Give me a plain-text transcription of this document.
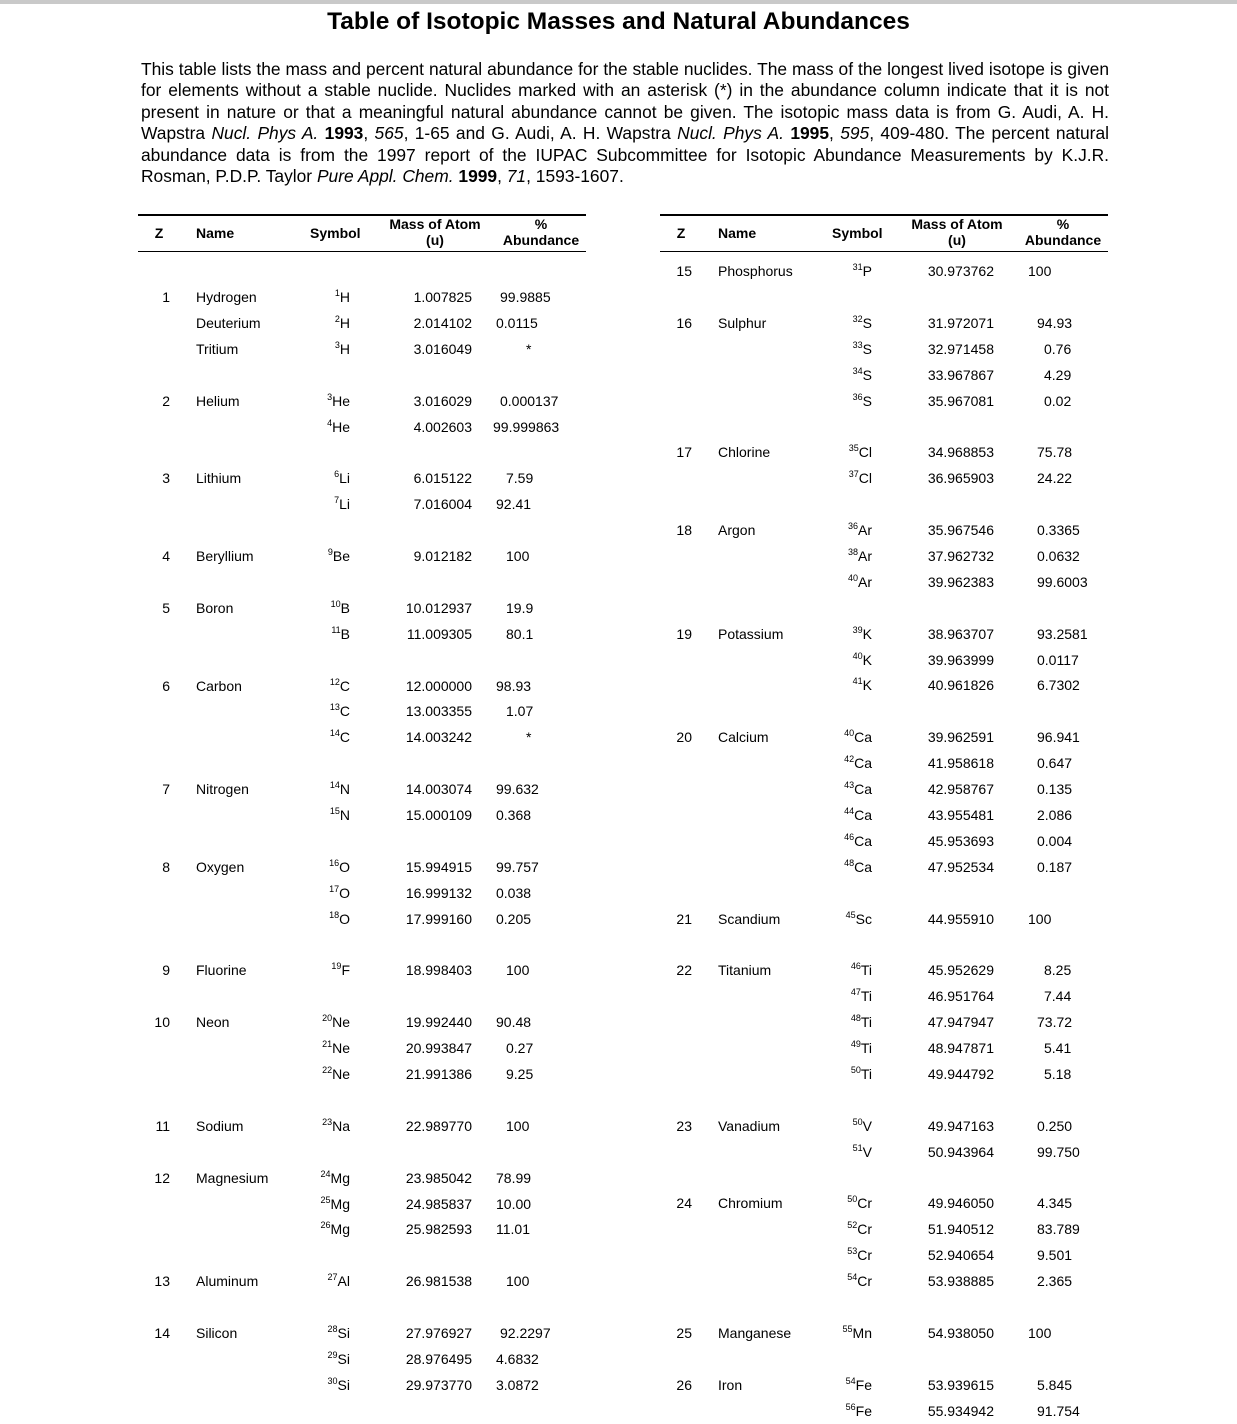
Table of Isotopic Masses and Natural Abundances
This table lists the mass and percent natural abundance for the stable nuclides. The mass of the longest lived isotope is given for elements without a stable nuclide. Nuclides marked with an asterisk (*) in the abundance column indicate that it is not present in nature or that a meaningful natural abundance cannot be given. The isotopic mass data is from G. Audi, A. H. Wapstra Nucl. Phys A. 1993, 565, 1-65 and G. Audi, A. H. Wapstra Nucl. Phys A. 1995, 595, 409-480. The percent natural abundance data is from the 1997 report of the IUPAC Subcommittee for Isotopic Abundance Measurements by K.J.R. Rosman, P.D.P. Taylor Pure Appl. Chem. 1999, 71, 1593-1607.
Z Name	Symbol
Mass of Atom
(u)
%
Abundance
1 Hydrogen	$^1$H	1.007825	99.9885
Deuterium	$^2$H	2.014102 0.0115
Tritium	$^3$H	3.016049	*
2 Helium	$^3$He	3.016029	0.000137
$^4$He	4.002603 99.999863
3 Lithium	$^6$Li	6.015122	7.59
$^7$Li	7.016004 92.41
4 Beryllium	$^9$Be	9.012182	100
5 Boron	$^{10}$B	10.012937	19.9
$^{11}$B	11.009305	80.1
6 Carbon	$^{12}$C	12.000000 98.93
$^{13}$C	13.003355	1.07
$^{14}$C	14.003242	*
7 Nitrogen	$^{14}$N	14.003074 99.632
$^{15}$N	15.000109 0.368
8 Oxygen	$^{16}$O	15.994915 99.757
$^{17}$O	16.999132 0.038
$^{18}$O	17.999160 0.205
9 Fluorine	$^{19}$F	18.998403	100
10 Neon	$^{20}$Ne	19.992440 90.48
$^{21}$Ne	20.993847	0.27
$^{22}$Ne	21.991386	9.25
11 Sodium	$^{23}$Na	22.989770	100
12 Magnesium	$^{24}$Mg	23.985042 78.99
$^{25}$Mg	24.985837 10.00
$^{26}$Mg	25.982593 11.01
13 Aluminum	$^{27}$Al	26.981538	100
14 Silicon	$^{28}$Si	27.976927	92.2297
$^{29}$Si	28.976495 4.6832
$^{30}$Si	29.973770 3.0872
Z Name	Symbol
Mass of Atom
(u)
%
Abundance
15 Phosphorus	$^{31}$P	30.973762	100
16 Sulphur	$^{32}$S	31.972071	94.93
$^{33}$S	32.971458	0.76
$^{34}$S	33.967867	4.29
$^{36}$S	35.967081	0.02
17 Chlorine	$^{35}$Cl	34.968853	75.78
$^{37}$Cl	36.965903	24.22
18 Argon	$^{36}$Ar	35.967546	0.3365
$^{38}$Ar	37.962732	0.0632
$^{40}$Ar	39.962383	99.6003
19 Potassium	$^{39}$K	38.963707	93.2581
$^{40}$K	39.963999	0.0117
$^{41}$K	40.961826	6.7302
20 Calcium	$^{40}$Ca	39.962591	96.941
$^{42}$Ca	41.958618	0.647
$^{43}$Ca	42.958767	0.135
$^{44}$Ca	43.955481	2.086
$^{46}$Ca	45.953693	0.004
$^{48}$Ca	47.952534	0.187
21 Scandium	$^{45}$Sc	44.955910	100
22 Titanium	$^{46}$Ti	45.952629	8.25
$^{47}$Ti	46.951764	7.44
$^{48}$Ti	47.947947	73.72
$^{49}$Ti	48.947871	5.41
$^{50}$Ti	49.944792	5.18
23 Vanadium	$^{50}$V	49.947163	0.250
$^{51}$V	50.943964	99.750
24 Chromium	$^{50}$Cr	49.946050	4.345
$^{52}$Cr	51.940512	83.789
$^{53}$Cr	52.940654	9.501
$^{54}$Cr	53.938885	2.365
25 Manganese	$^{55}$Mn	54.938050	100
26 Iron	$^{54}$Fe	53.939615	5.845
$^{56}$Fe	55.934942	91.754
